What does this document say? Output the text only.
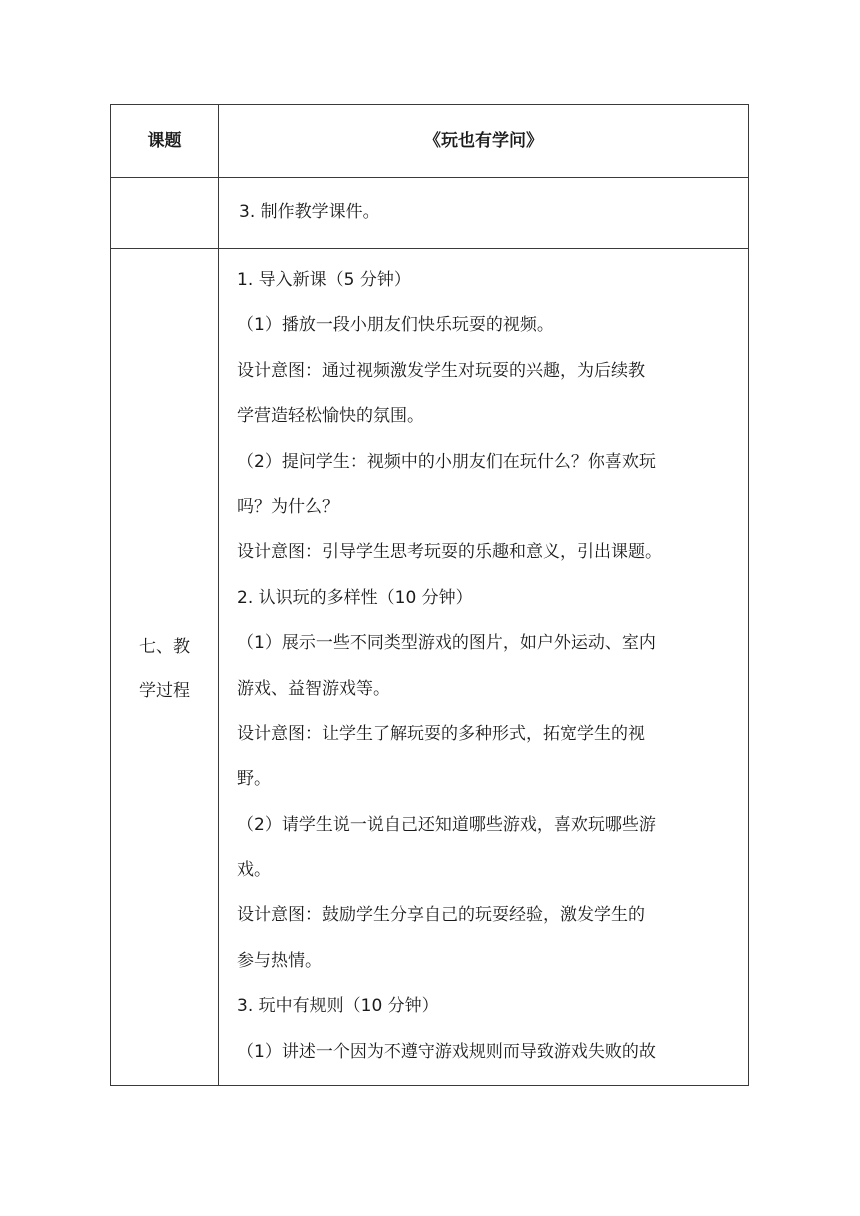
课题	《玩也有学问》
3. 制作教学课件。
七、教
学过程
1. 导入新课（5 分钟）
（1）播放一段小朋友们快乐玩耍的视频。
设计意图：通过视频激发学生对玩耍的兴趣，为后续教
学营造轻松愉快的氛围。
（2）提问学生：视频中的小朋友们在玩什么？你喜欢玩
吗？为什么？
设计意图：引导学生思考玩耍的乐趣和意义，引出课题。
2. 认识玩的多样性（10 分钟）
（1）展示一些不同类型游戏的图片，如户外运动、室内
游戏、益智游戏等。
设计意图：让学生了解玩耍的多种形式，拓宽学生的视
野。
（2）请学生说一说自己还知道哪些游戏，喜欢玩哪些游
戏。
设计意图：鼓励学生分享自己的玩耍经验，激发学生的
参与热情。
3. 玩中有规则（10 分钟）
（1）讲述一个因为不遵守游戏规则而导致游戏失败的故
